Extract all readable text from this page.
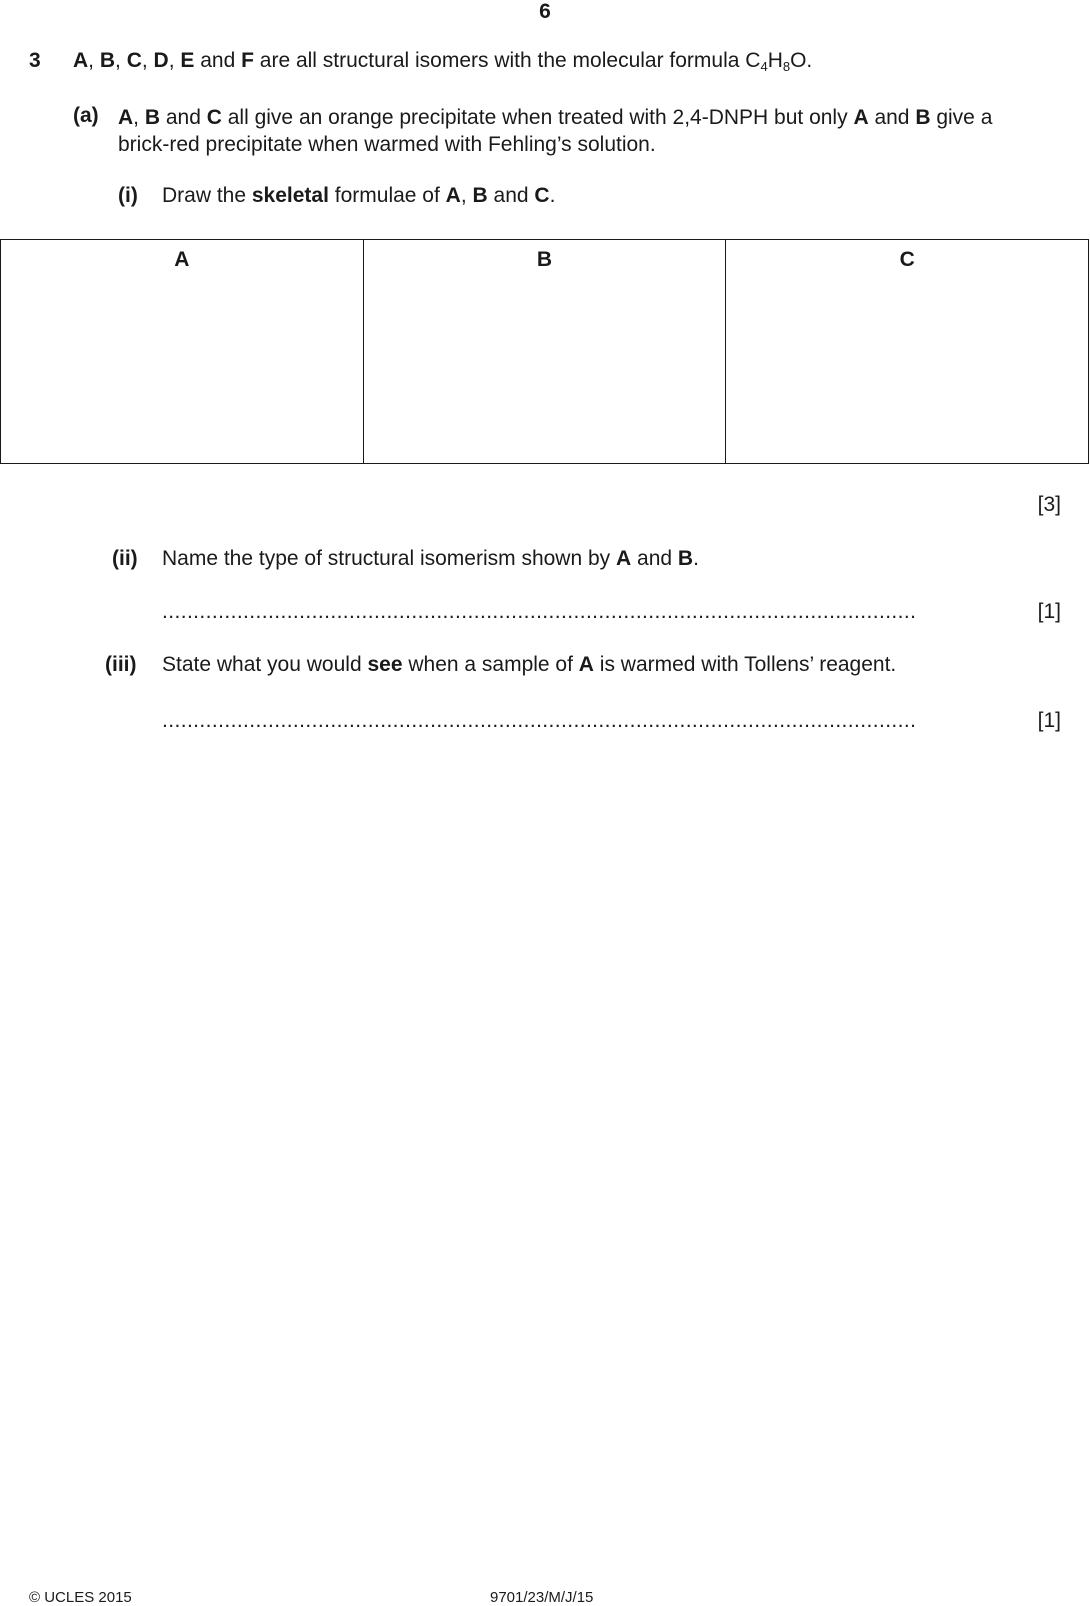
6
3 A, B, C, D, E and F are all structural isomers with the molecular formula $C_4H_8O$.
(a) A, B and C all give an orange precipitate when treated with 2,4-DNPH but only A and B give a
brick-red precipitate when warmed with Fehling’s solution.
(i) Draw the skeletal formulae of A, B and C.
A	B	C
[3]
(ii) Name the type of structural isomerism shown by A and B.
.........................................................................................................................	[1]
(iii) State what you would see when a sample of A is warmed with Tollens’ reagent.
.........................................................................................................................	[1]
© UCLES 2015	9701/23/M/J/15
